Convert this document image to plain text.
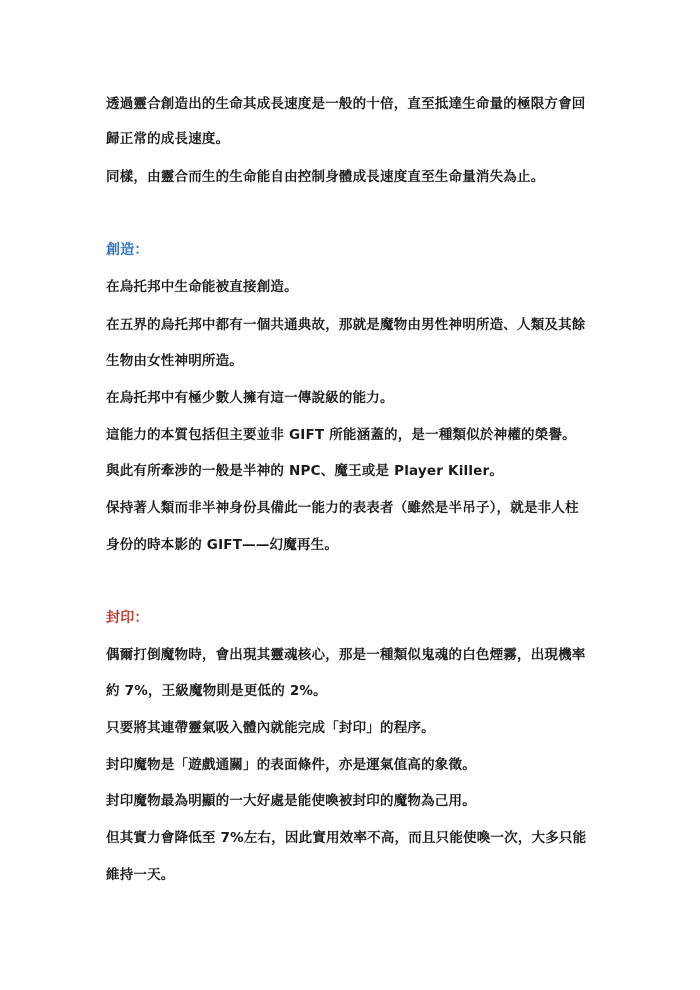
透過靈合創造出的生命其成長速度是一般的十倍，直至抵達生命量的極限方會回
歸正常的成長速度。
同樣，由靈合而生的生命能自由控制身體成長速度直至生命量消失為止。
創造：
在烏托邦中生命能被直接創造。
在五界的烏托邦中都有一個共通典故，那就是魔物由男性神明所造、人類及其餘
生物由女性神明所造。
在烏托邦中有極少數人擁有這一傳說級的能力。
這能力的本質包括但主要並非 GIFT 所能涵蓋的，是一種類似於神權的榮譽。
與此有所牽涉的一般是半神的 NPC、魔王或是 Player Killer。
保持著人類而非半神身份具備此一能力的表表者（雖然是半吊子），就是非人柱
身份的時本影的 GIFT——幻魔再生。
封印：
偶爾打倒魔物時，會出現其靈魂核心，那是一種類似鬼魂的白色煙霧，出現機率
約 7%，王級魔物則是更低的 2%。
只要將其連帶靈氣吸入體內就能完成「封印」的程序。
封印魔物是「遊戲通關」的表面條件，亦是運氣值高的象徵。
封印魔物最為明顯的一大好處是能使喚被封印的魔物為己用。
但其實力會降低至 7%左右，因此實用效率不高，而且只能使喚一次，大多只能
維持一天。
